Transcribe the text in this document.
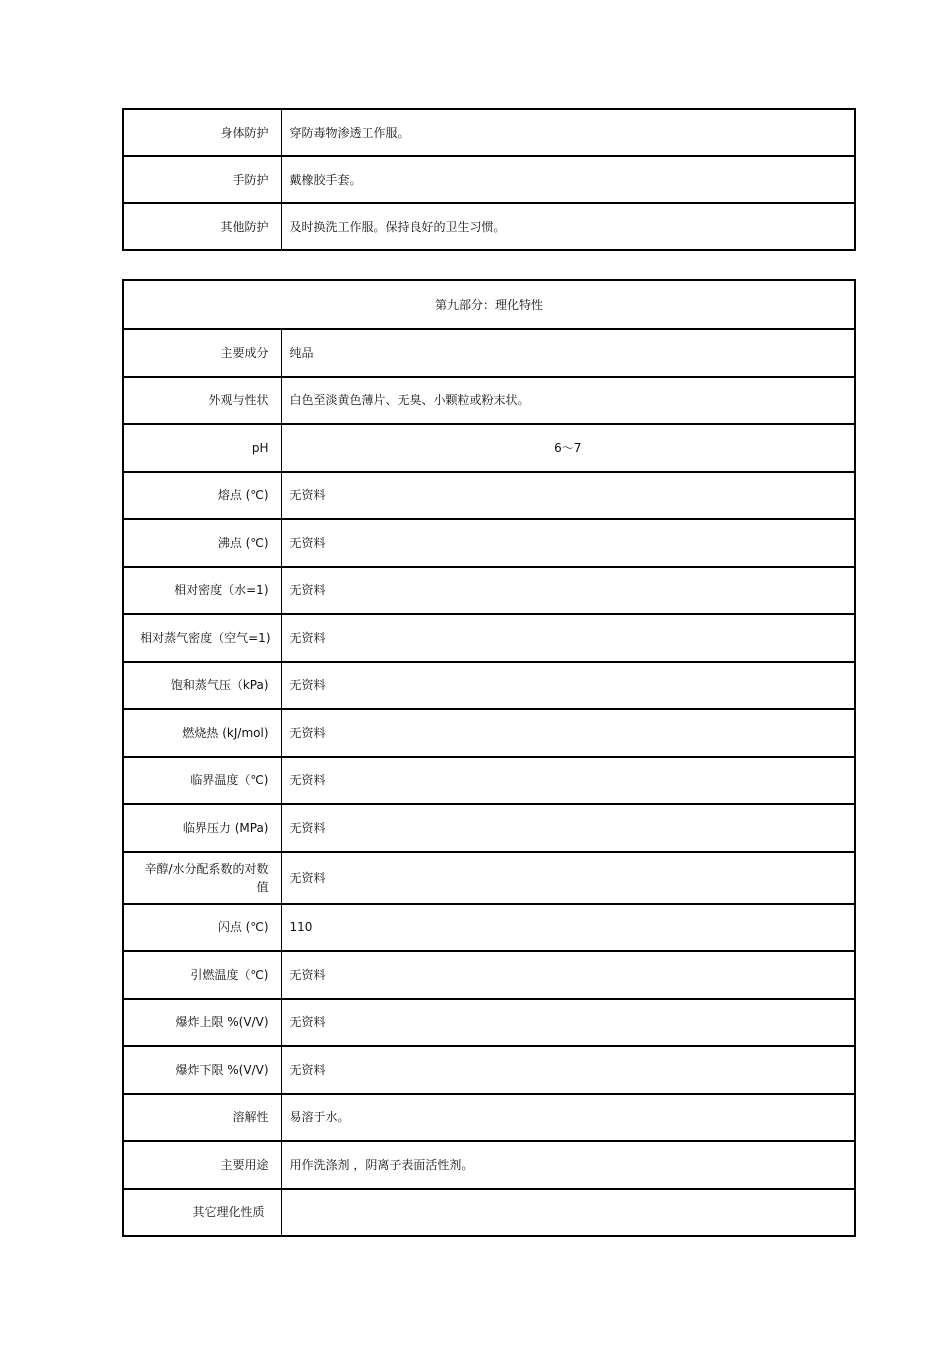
身体防护	穿防毒物渗透工作服。
手防护	戴橡胶手套。
其他防护	及时换洗工作服。保持良好的卫生习惯。
第九部分：理化特性	
主要成分	纯品
外观与性状	白色至淡黄色薄片、无臭、小颗粒或粉末状。
pH	6～7
熔点 (℃)	无资料
沸点 (℃)	无资料
相对密度（水=1)	无资料
相对蒸气密度（空气=1)	无资料
饱和蒸气压（kPa)	无资料
燃烧热 (kJ/mol)	无资料
临界温度（℃)	无资料
临界压力 (MPa)	无资料
辛醇/水分配系数的对数值	无资料
闪点 (℃)	110
引燃温度（℃)	无资料
爆炸上限 %(V/V)	无资料
爆炸下限 %(V/V)	无资料
溶解性	易溶于水。
主要用途	用作洗涤剂 ，阴离子表面活性剂。
其它理化性质	
